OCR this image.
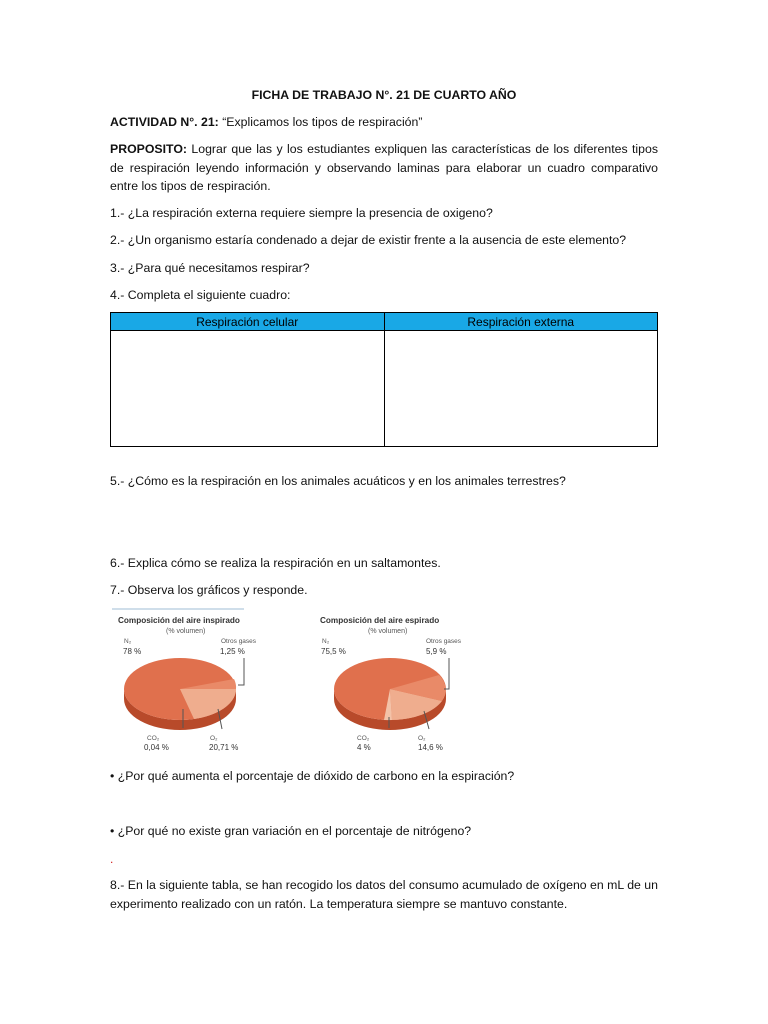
FICHA DE TRABAJO N°. 21 DE CUARTO AÑO
ACTIVIDAD N°. 21: “Explicamos los tipos de respiración”
PROPOSITO: Lograr que las y los estudiantes expliquen las características de los diferentes tipos de respiración leyendo información y observando laminas para elaborar un cuadro comparativo entre los tipos de respiración.
1.- ¿La respiración externa requiere siempre la presencia de oxigeno?
2.- ¿Un organismo estaría condenado a dejar de existir frente a la ausencia de este elemento?
3.- ¿Para qué necesitamos respirar?
4.- Completa el siguiente cuadro:
Respiración celular	Respiración externa

5.- ¿Cómo es la respiración en los animales acuáticos y en los animales terrestres?
6.- Explica cómo se realiza la respiración en un saltamontes.
7.- Observa los gráficos y responde.
Composición del aire inspirado
(% volumen)
N₂
78 %
Otros gases
1,25 %
CO₂
0,04 %
O₂
20,71 %
Composición del aire espirado
(% volumen)
N₂
75,5 %
Otros gases
5,9 %
CO₂
4 %
O₂
14,6 %
• ¿Por qué aumenta el porcentaje de dióxido de carbono en la espiración?
• ¿Por qué no existe gran variación en el porcentaje de nitrógeno?
.
8.- En la siguiente tabla, se han recogido los datos del consumo acumulado de oxígeno en mL de un experimento realizado con un ratón. La temperatura siempre se mantuvo constante.
